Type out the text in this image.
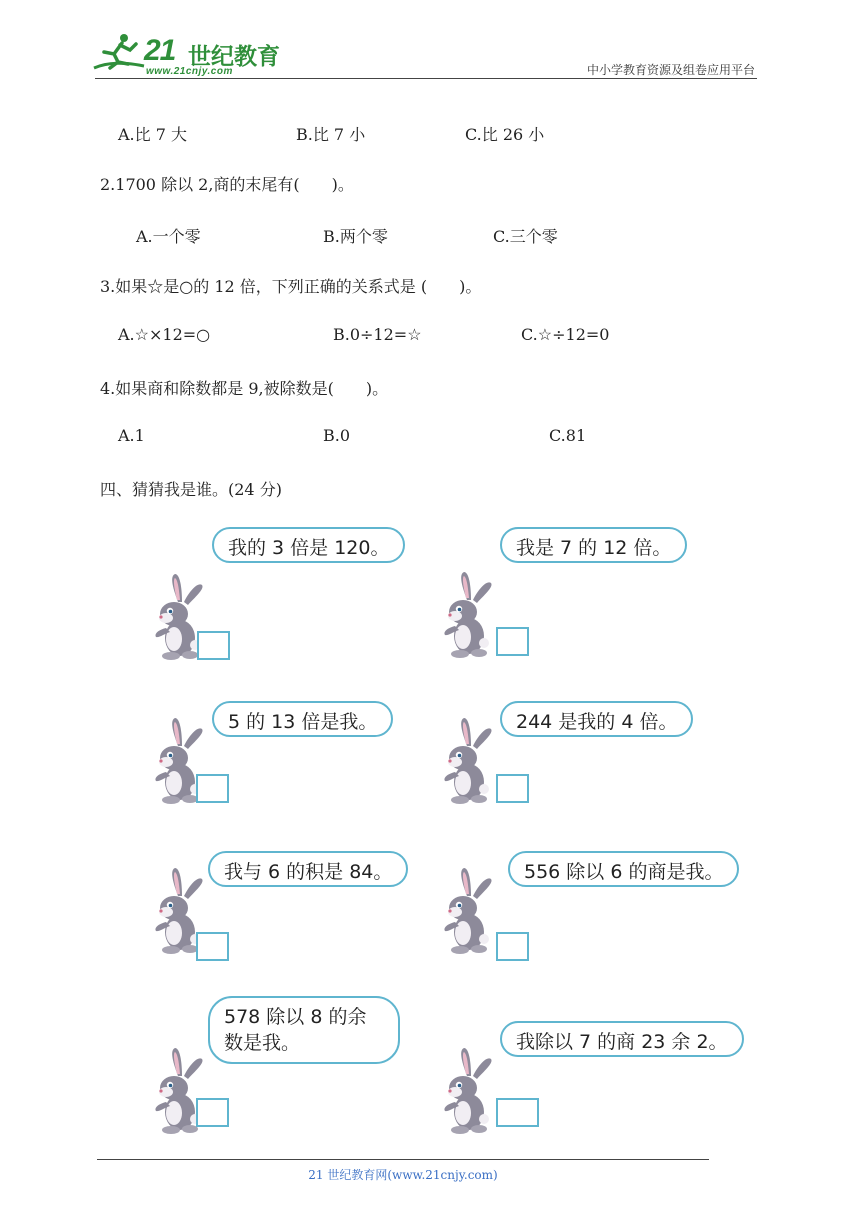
21 世纪教育
www.21cnjy.com	中小学教育资源及组卷应用平台
A.比 7 大	B.比 7 小	C.比 26 小
2.1700 除以 2,商的末尾有(　　)。
A.一个零	B.两个零	C.三个零
3.如果☆是○的 12 倍，下列正确的关系式是 (　　)。
A.☆×12=○	B.0÷12=☆	C.☆÷12=0
4.如果商和除数都是 9,被除数是(　　)。
A.1	B.0	C.81
四、猜猜我是谁。(24 分)
我的 3 倍是 120。	我是 7 的 12 倍。
5 的 13 倍是我。	244 是我的 4 倍。
我与 6 的积是 84。	556 除以 6 的商是我。
578 除以 8 的余
数是我。	我除以 7 的商 23 余 2。
21 世纪教育网(www.21cnjy.com)
